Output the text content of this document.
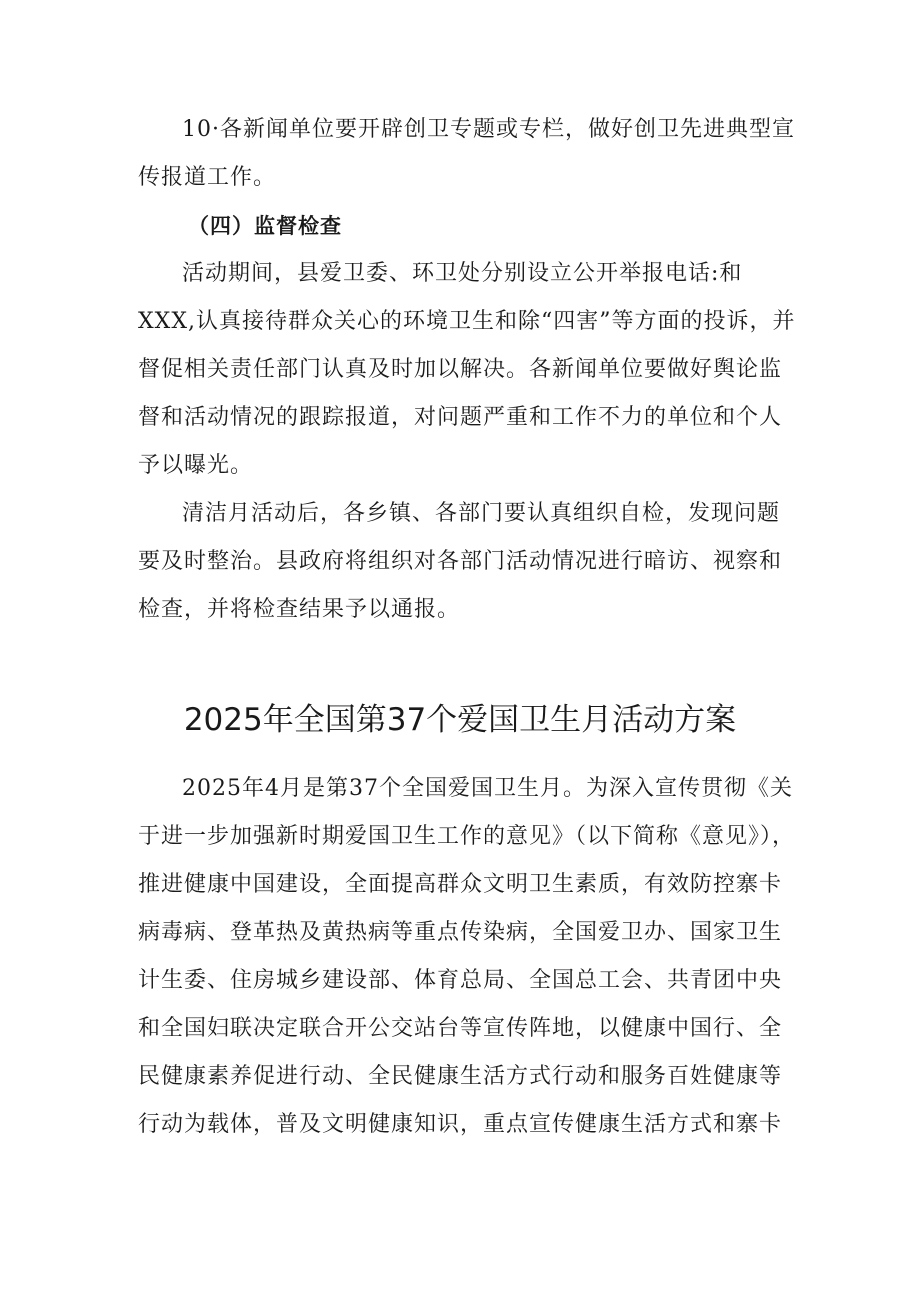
10·各新闻单位要开辟创卫专题或专栏，做好创卫先进典型宣传报道工作。

（四）监督检查

活动期间，县爱卫委、环卫处分别设立公开举报电话:和XXX,认真接待群众关心的环境卫生和除“四害”等方面的投诉，并督促相关责任部门认真及时加以解决。各新闻单位要做好舆论监督和活动情况的跟踪报道，对问题严重和工作不力的单位和个人予以曝光。

清洁月活动后，各乡镇、各部门要认真组织自检，发现问题要及时整治。县政府将组织对各部门活动情况进行暗访、视察和检查，并将检查结果予以通报。

2025年全国第37个爱国卫生月活动方案

2025年4月是第37个全国爱国卫生月。为深入宣传贯彻《关于进一步加强新时期爱国卫生工作的意见》（以下简称《意见》），推进健康中国建设，全面提高群众文明卫生素质，有效防控寨卡病毒病、登革热及黄热病等重点传染病，全国爱卫办、国家卫生计生委、住房城乡建设部、体育总局、全国总工会、共青团中央和全国妇联决定联合开公交站台等宣传阵地，以健康中国行、全民健康素养促进行动、全民健康生活方式行动和服务百姓健康等行动为载体，普及文明健康知识，重点宣传健康生活方式和寨卡
